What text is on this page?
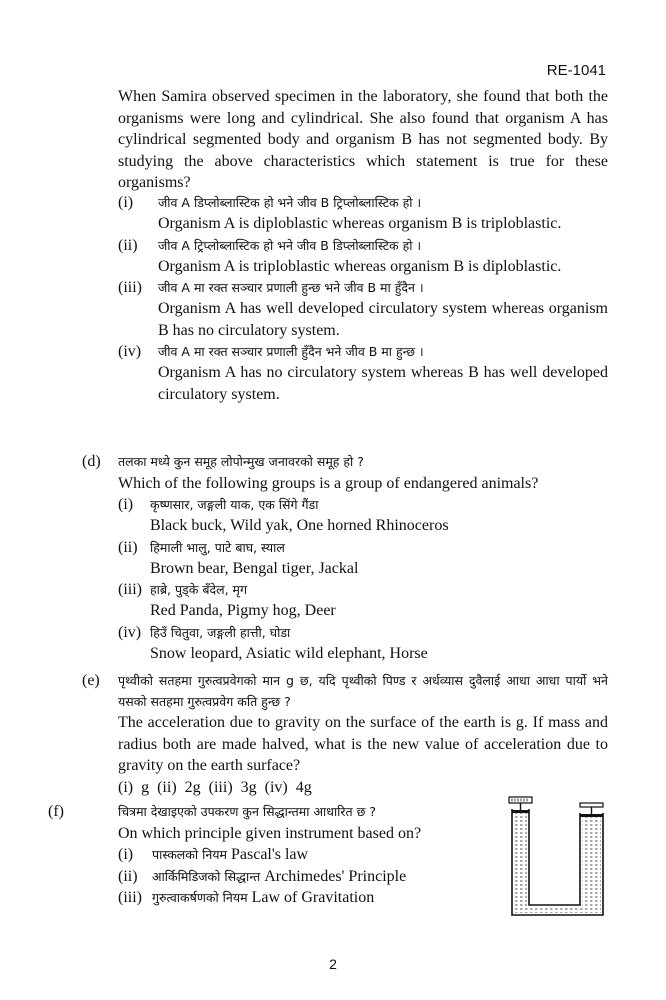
RE-1041
When Samira observed specimen in the laboratory, she found that both the organisms were long and cylindrical. She also found that organism A has cylindrical segmented body and organism B has not segmented body. By studying the above characteristics which statement is true for these organisms?
(i)	जीव A डिप्लोब्लास्टिक हो भने जीव B ट्रिप्लोब्लास्टिक हो ।
Organism A is diploblastic whereas organism B is triploblastic.
(ii)	जीव A ट्रिप्लोब्लास्टिक हो भने जीव B डिप्लोब्लास्टिक हो ।
Organism A is triploblastic whereas organism B is diploblastic.
(iii)	जीव A मा रक्त सञ्चार प्रणाली हुन्छ भने जीव B मा हुँदैन ।
Organism A has well developed circulatory system whereas organism B has no circulatory system.
(iv)	जीव A मा रक्त सञ्चार प्रणाली हुँदैन भने जीव B मा हुन्छ ।
Organism A has no circulatory system whereas B has well developed circulatory system.
(d)	तलका मध्ये कुन समूह लोपोन्मुख जनावरको समूह हो ?
Which of the following groups is a group of endangered animals?
(i)	कृष्णसार, जङ्गली याक, एक सिंगे गैंडा
Black buck, Wild yak, One horned Rhinoceros
(ii) हिमाली भालु, पाटे बाघ, स्याल
Brown bear, Bengal tiger, Jackal
(iii) हाब्रे, पुड्के बँदेल, मृग
Red Panda, Pigmy hog, Deer
(iv) हिउँ चितुवा, जङ्गली हात्ती, घोडा
Snow leopard, Asiatic wild elephant, Horse
(e)	पृथ्वीको सतहमा गुरुत्वप्रवेगको मान g छ, यदि पृथ्वीको पिण्ड र अर्धव्यास दुवैलाई आधा आधा पार्यो भने यसको सतहमा गुरुत्वप्रवेग कति हुन्छ ?
The acceleration due to gravity on the surface of the earth is g. If mass and radius both are made halved, what is the new value of acceleration due to gravity on the earth surface?
(i) g (ii) 2g (iii) 3g (iv) 4g
(f)	चित्रमा देखाइएको उपकरण कुन सिद्धान्तमा आधारित छ ?
On which principle given instrument based on?
(i)	पास्कलको नियम Pascal's law
(ii)	आर्किमिडिजको सिद्धान्त Archimedes' Principle
(iii) गुरुत्वाकर्षणको नियम Law of Gravitation
2
